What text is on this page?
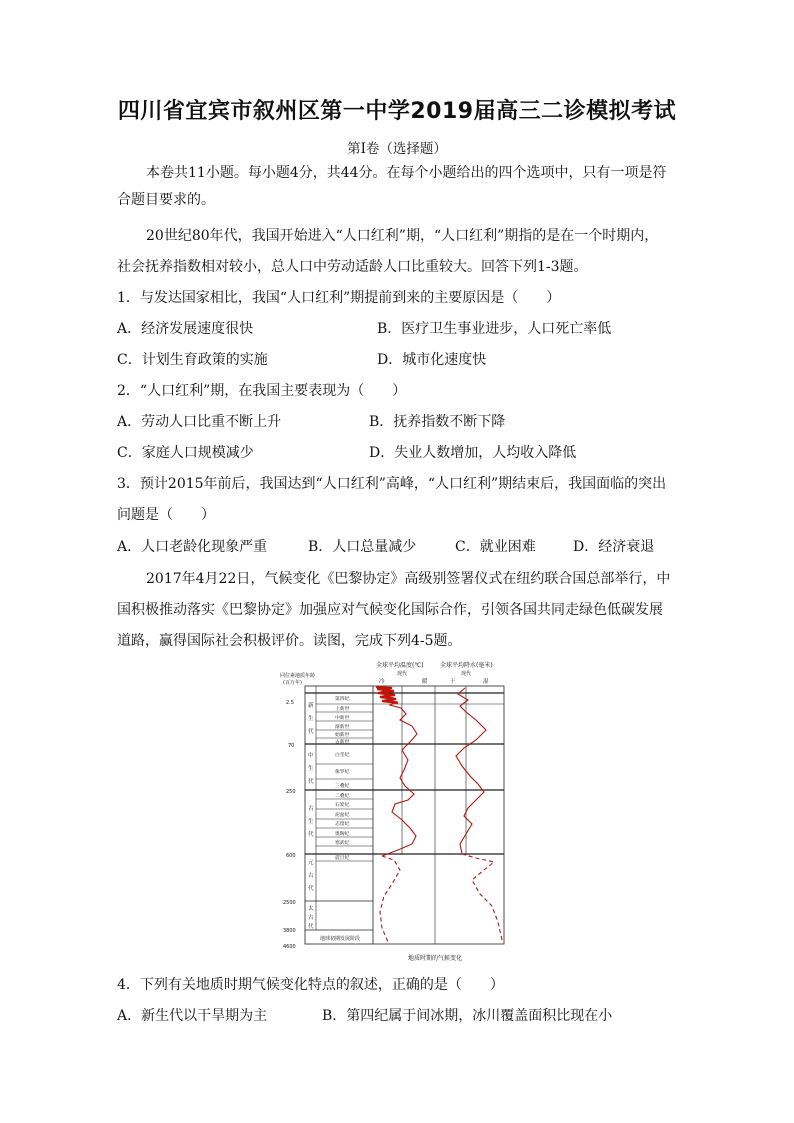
四川省宜宾市叙州区第一中学2019届高三二诊模拟考试
第Ⅰ卷（选择题）
本卷共11小题。每小题4分，共44分。在每个小题给出的四个选项中，只有一项是符
合题目要求的。
20世纪80年代，我国开始进入“人口红利”期，“人口红利”期指的是在一个时期内，
社会抚养指数相对较小，总人口中劳动适龄人口比重较大。回答下列1-3题。
1．与发达国家相比，我国“人口红利”期提前到来的主要原因是（　　）
A．经济发展速度很快	B．医疗卫生事业进步，人口死亡率低
C．计划生育政策的实施	D．城市化速度快
2．“人口红利”期，在我国主要表现为（　　）
A．劳动人口比重不断上升	B．抚养指数不断下降
C．家庭人口规模减少	D．失业人数增加，人均收入降低
3．预计2015年前后，我国达到“人口红利”高峰，“人口红利”期结束后，我国面临的突出
问题是（　　）
A．人口老龄化现象严重	B．人口总量减少	C．就业困难	D．经济衰退
2017年4月22日，气候变化《巴黎协定》高级别签署仪式在纽约联合国总部举行，中
国积极推动落实《巴黎协定》加强应对气候变化国际合作，引领各国共同走绿色低碳发展
道路，赢得国际社会积极评价。读图，完成下列4-5题。
同位素地质年龄
(百万年)
全球平均温度(℃)	全球平均降水(毫米)
现代	现代
冷	暖	干	湿
2.5
70
250
600
2500
3800
4600
新生代
中生代
古生代
元古代
太古代
第四纪
上新世
中新世
渐新世
始新世
古新世
白垩纪
侏罗纪
三叠纪
二叠纪
石炭纪
泥盆纪
志留纪
奥陶纪
寒武纪
震旦纪
地球初期发展阶段
地质时期的气候变化
4．下列有关地质时期气候变化特点的叙述，正确的是（　　）
A．新生代以干旱期为主	B．第四纪属于间冰期，冰川覆盖面积比现在小
